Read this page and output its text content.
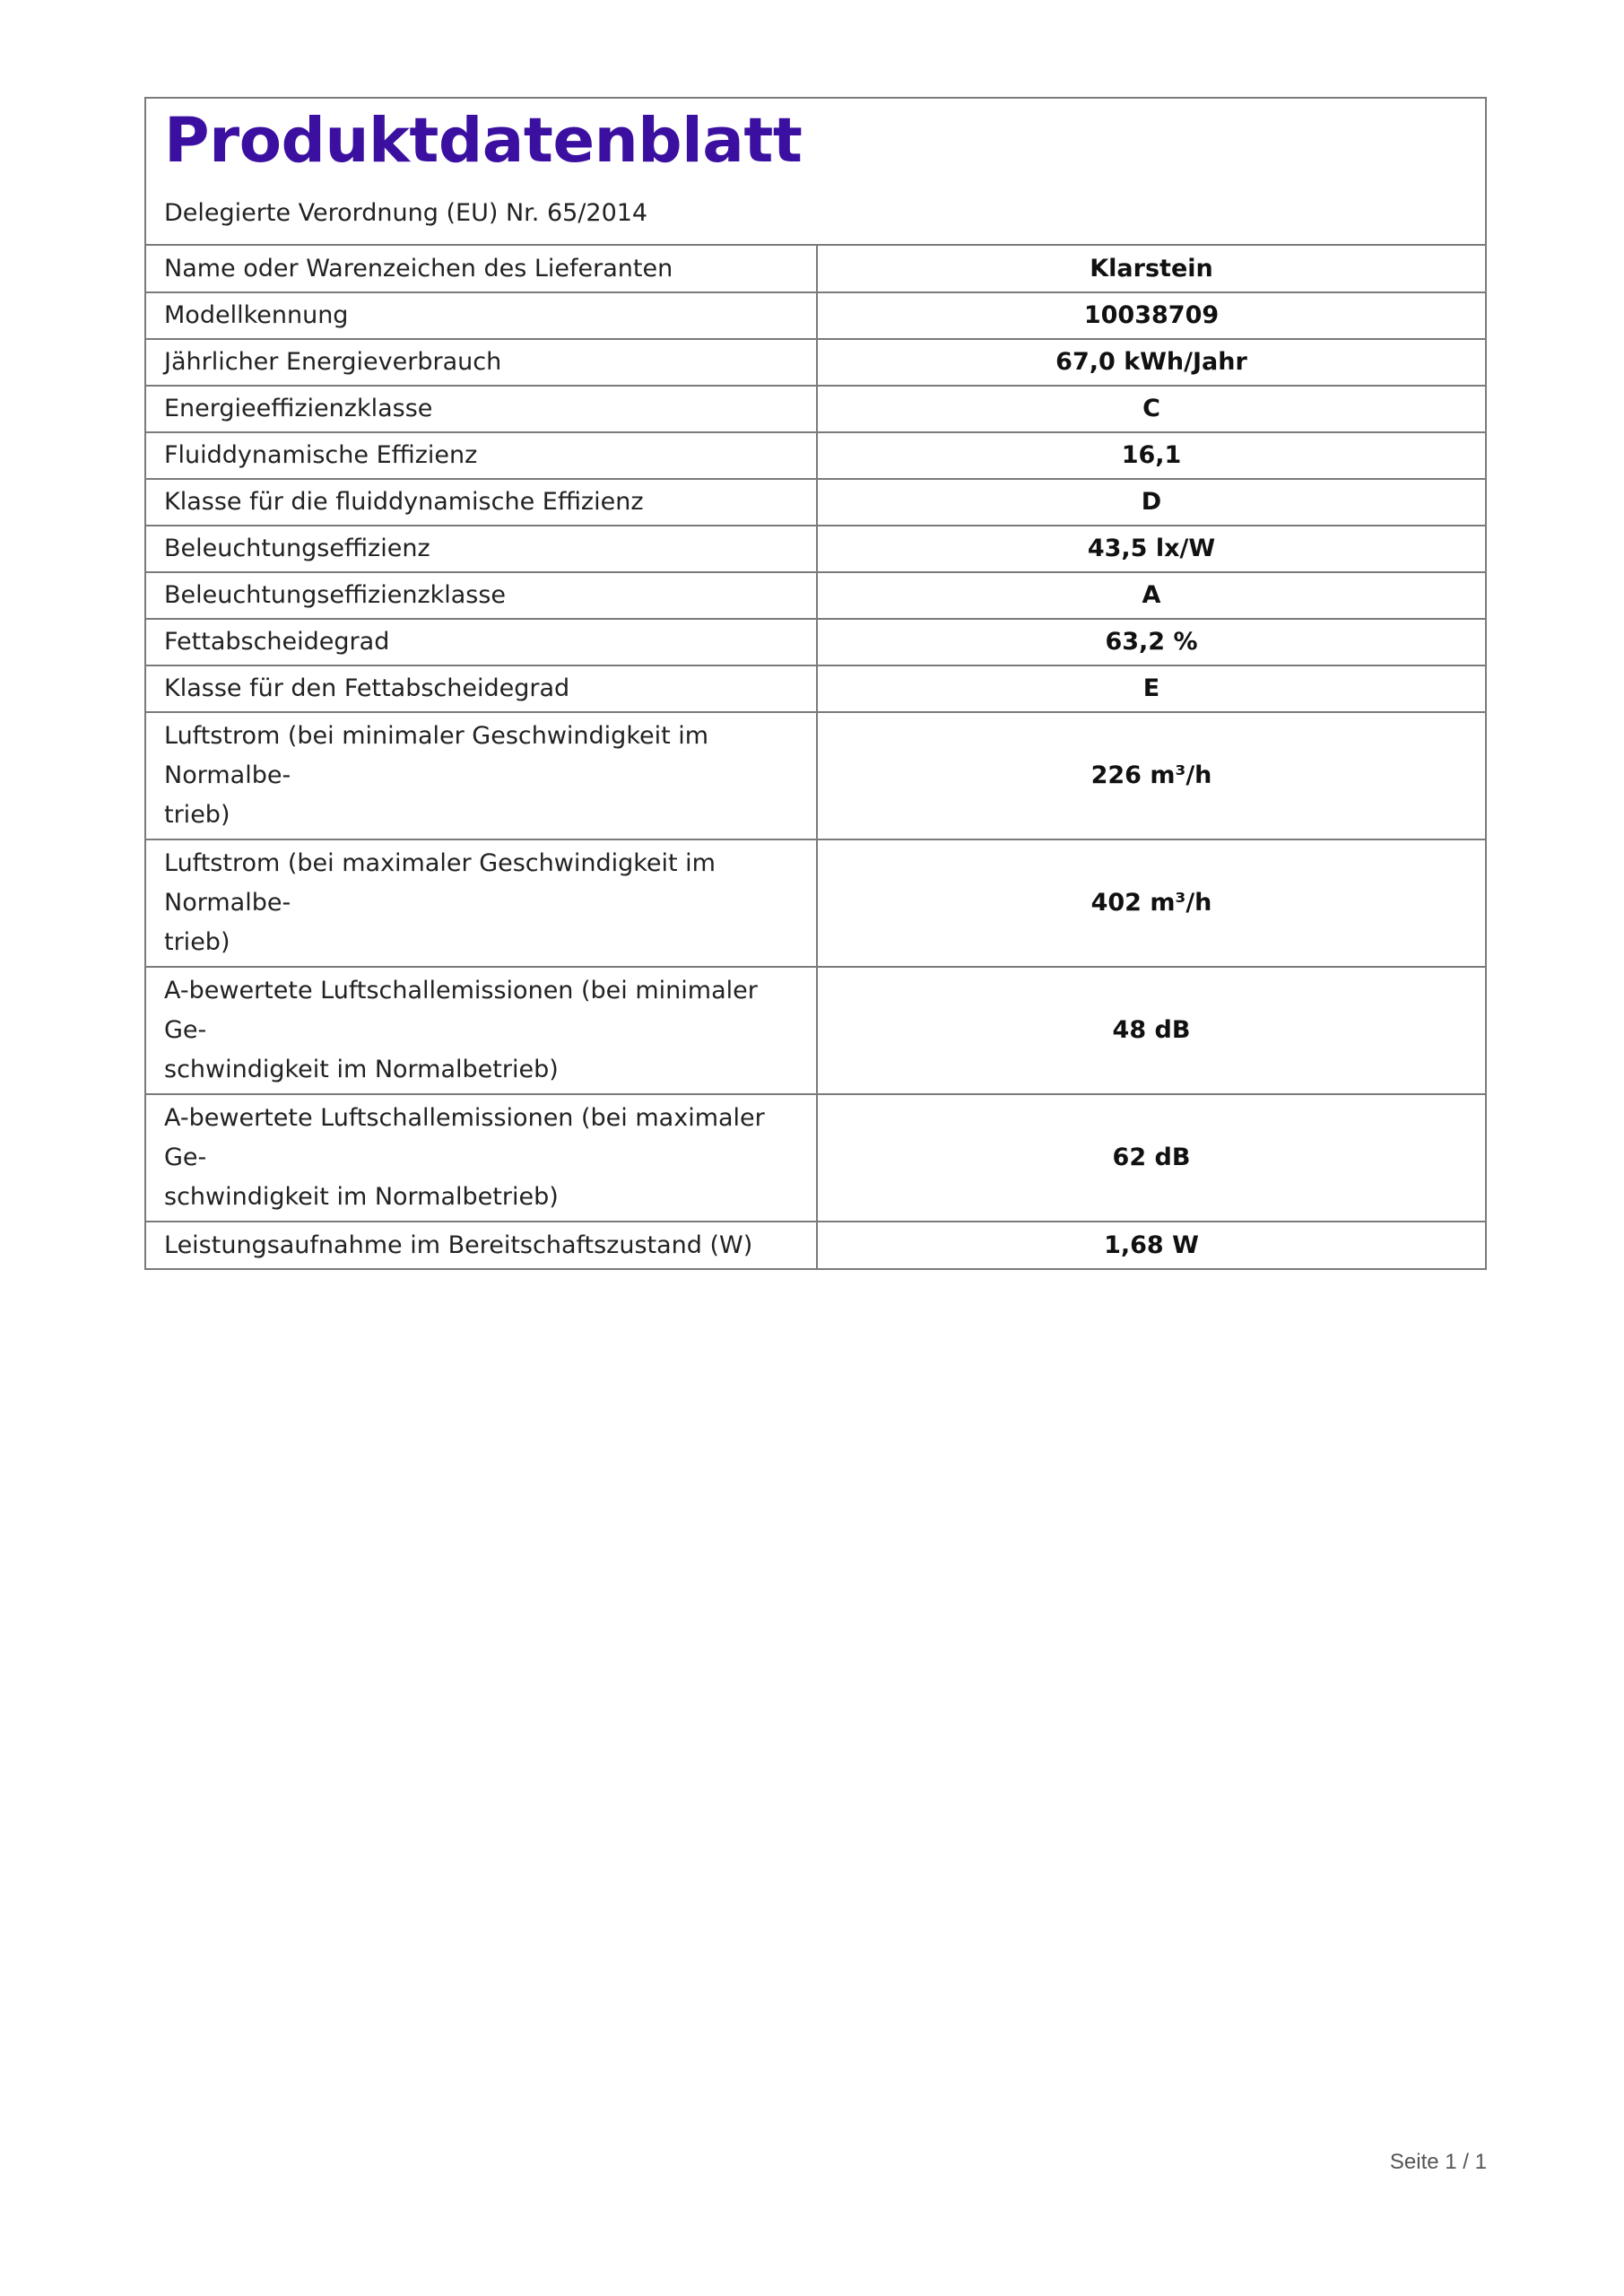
Produktdatenblatt

Delegierte Verordnung (EU) Nr. 65/2014

Name oder Warenzeichen des Lieferanten	Klarstein
Modellkennung	10038709
Jährlicher Energieverbrauch	67,0 kWh/Jahr
Energieeffizienzklasse	C
Fluiddynamische Effizienz	16,1
Klasse für die fluiddynamische Effizienz	D
Beleuchtungseffizienz	43,5 lx/W
Beleuchtungseffizienzklasse	A
Fettabscheidegrad	63,2 %
Klasse für den Fettabscheidegrad	E
Luftstrom (bei minimaler Geschwindigkeit im Normalbe-
trieb)	226 m³/h
Luftstrom (bei maximaler Geschwindigkeit im Normalbe-
trieb)	402 m³/h
A-bewertete Luftschallemissionen (bei minimaler Ge-
schwindigkeit im Normalbetrieb)	48 dB
A-bewertete Luftschallemissionen (bei maximaler Ge-
schwindigkeit im Normalbetrieb)	62 dB
Leistungsaufnahme im Bereitschaftszustand (W)	1,68 W
Seite 1 / 1
